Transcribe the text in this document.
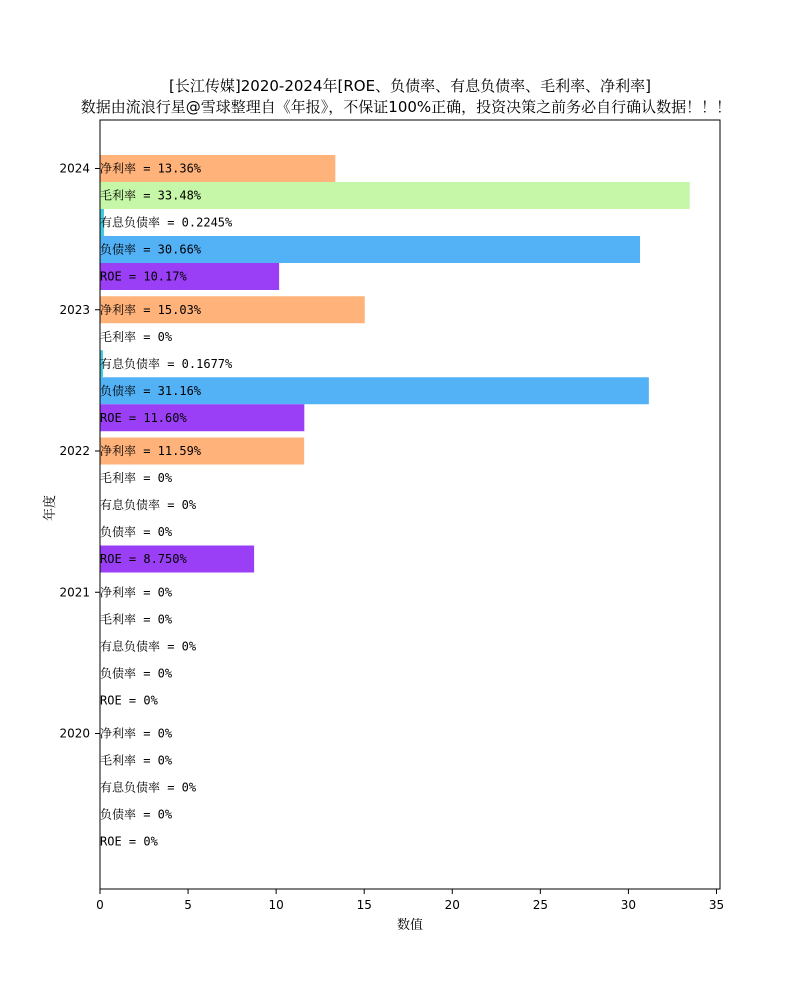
[长江传媒]2020-2024年[ROE、负债率、有息负债率、毛利率、净利率]
数据由流浪行星@雪球整理自《年报》，不保证100%正确，投资决策之前务必自行确认数据！！！
净利率 = 13.36%
毛利率 = 33.48%
有息负债率 = 0.2245%
负债率 = 30.66%
ROE = 10.17%
净利率 = 15.03%
毛利率 = 0%
有息负债率 = 0.1677%
负债率 = 31.16%
ROE = 11.60%
净利率 = 11.59%
毛利率 = 0%
有息负债率 = 0%
负债率 = 0%
ROE = 8.750%
净利率 = 0%
毛利率 = 0%
有息负债率 = 0%
负债率 = 0%
ROE = 0%
净利率 = 0%
毛利率 = 0%
有息负债率 = 0%
负债率 = 0%
ROE = 0%
0	5	10	15	20	25	30	35
2024
2023
2022
2021
2020
数值
年度
